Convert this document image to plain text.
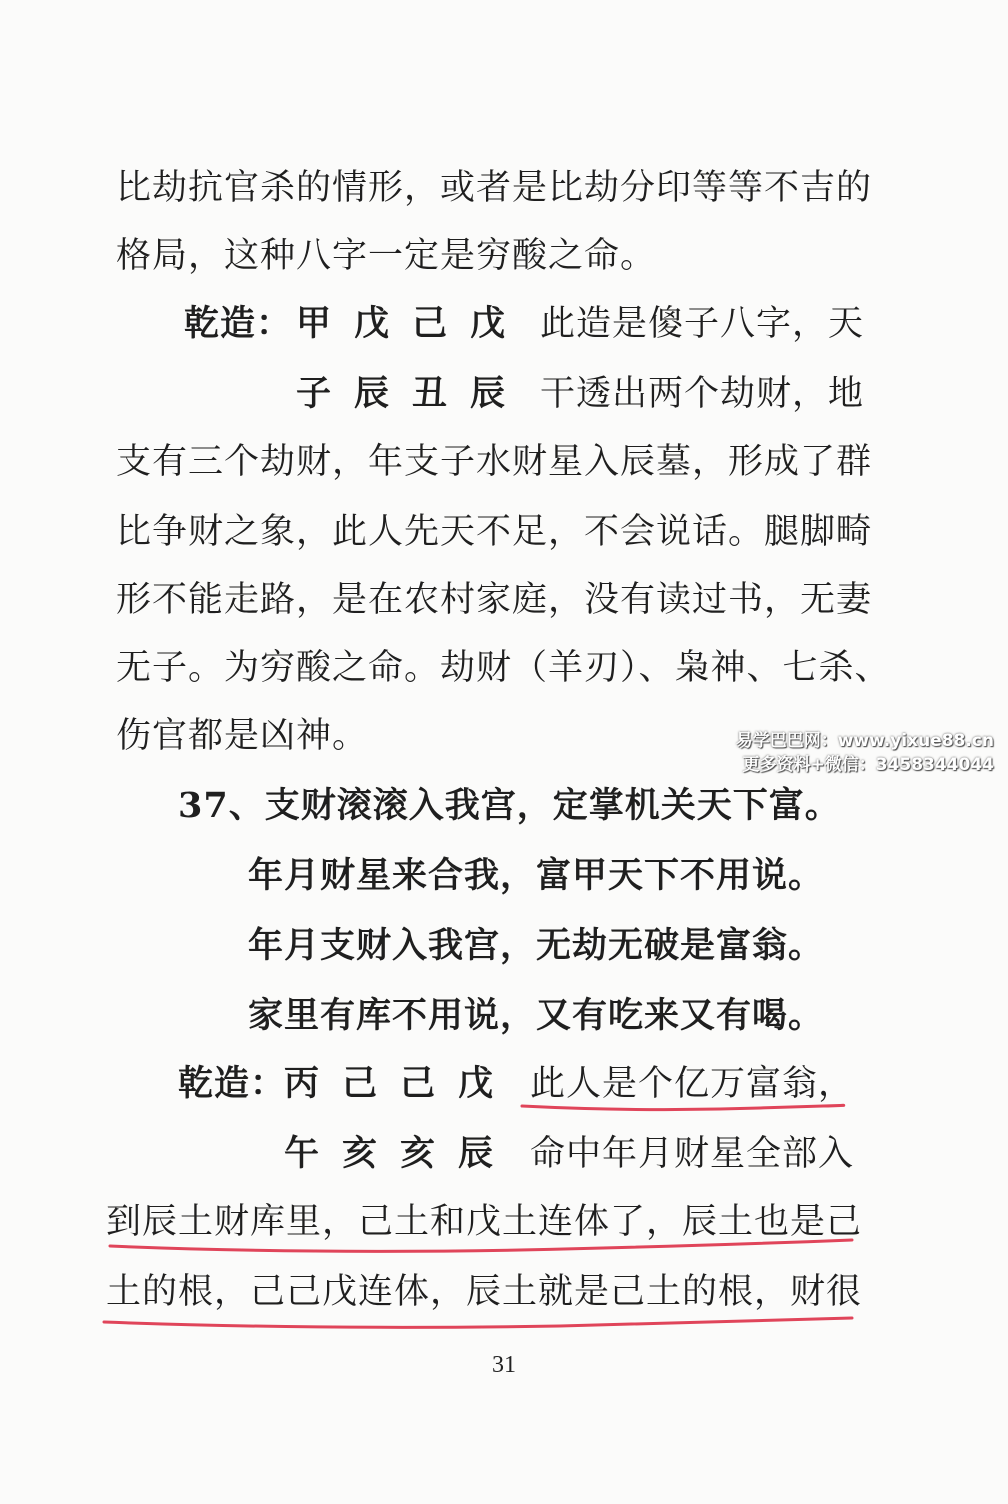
比劫抗官杀的情形，或者是比劫分印等等不吉的
格局，这种八字一定是穷酸之命。
乾造： 甲 戊 己 戊 此造是傻子八字，天
子 辰 丑 辰 干透出两个劫财，地
支有三个劫财，年支子水财星入辰墓，形成了群
比争财之象，此人先天不足，不会说话。腿脚畸
形不能走路，是在农村家庭，没有读过书，无妻
无子。为穷酸之命。劫财（羊刃）、枭神、七杀、
伤官都是凶神。	易学巴巴网：www.yixue88.cn
更多资料+微信：3458344044
37、支财滚滚入我宫，定掌机关天下富。
年月财星来合我，富甲天下不用说。
年月支财入我宫，无劫无破是富翁。
家里有库不用说，又有吃来又有喝。
乾造：
丙 己 己 戊	此人是个亿万富翁，
午 亥 亥 辰	命中年月财星全部入
到辰土财库里，己土和戊土连体了，辰土也是己
土的根，己己戊连体，辰土就是己土的根，财很
31
